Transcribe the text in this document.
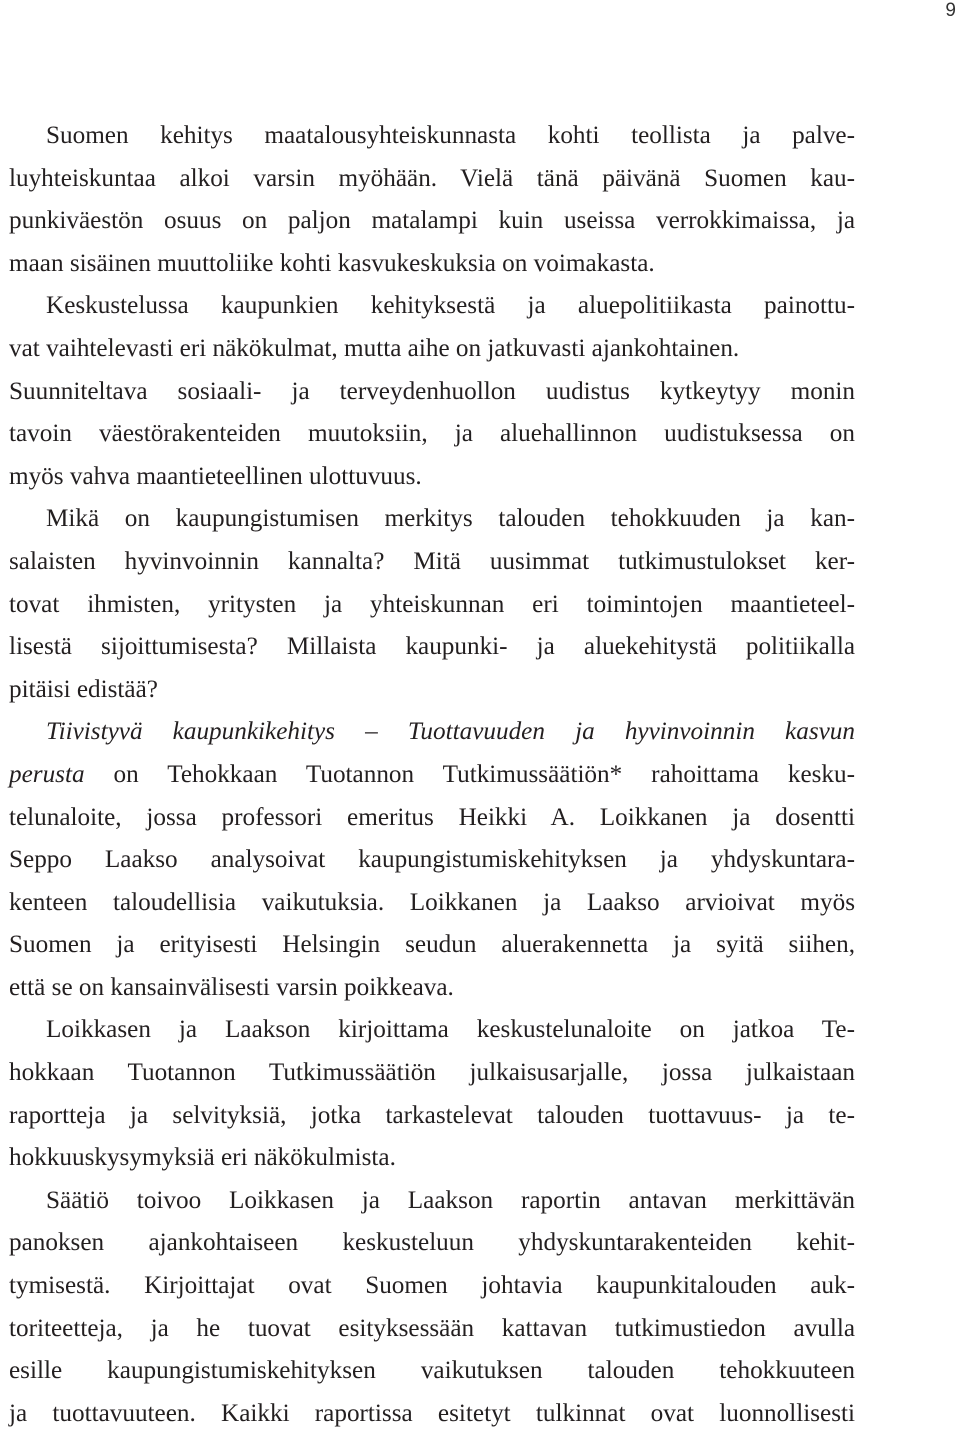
9
Suomen kehitys maatalousyhteiskunnasta kohti teollista ja palve-
luyhteiskuntaa alkoi varsin myöhään. Vielä tänä päivänä Suomen kau-
punkiväestön osuus on paljon matalampi kuin useissa verrokkimaissa, ja
maan sisäinen muuttoliike kohti kasvukeskuksia on voimakasta.
Keskustelussa kaupunkien kehityksestä ja aluepolitiikasta painottu-
vat vaihtelevasti eri näkökulmat, mutta aihe on jatkuvasti ajankohtainen.
Suunniteltava sosiaali- ja terveydenhuollon uudistus kytkeytyy monin
tavoin väestörakenteiden muutoksiin, ja aluehallinnon uudistuksessa on
myös vahva maantieteellinen ulottuvuus.
Mikä on kaupungistumisen merkitys talouden tehokkuuden ja kan-
salaisten hyvinvoinnin kannalta? Mitä uusimmat tutkimustulokset ker-
tovat ihmisten, yritysten ja yhteiskunnan eri toimintojen maantieteel-
lisestä sijoittumisesta? Millaista kaupunki- ja aluekehitystä politiikalla
pitäisi edistää?
Tiivistyvä kaupunkikehitys – Tuottavuuden ja hyvinvoinnin kasvun
perusta on Tehokkaan Tuotannon Tutkimussäätiön* rahoittama kesku-
telunaloite, jossa professori emeritus Heikki A. Loikkanen ja dosentti
Seppo Laakso analysoivat kaupungistumiskehityksen ja yhdyskuntara-
kenteen taloudellisia vaikutuksia. Loikkanen ja Laakso arvioivat myös
Suomen ja erityisesti Helsingin seudun aluerakennetta ja syitä siihen,
että se on kansainvälisesti varsin poikkeava.
Loikkasen ja Laakson kirjoittama keskustelunaloite on jatkoa Te-
hokkaan Tuotannon Tutkimussäätiön julkaisusarjalle, jossa julkaistaan
raportteja ja selvityksiä, jotka tarkastelevat talouden tuottavuus- ja te-
hokkuuskysymyksiä eri näkökulmista.
Säätiö toivoo Loikkasen ja Laakson raportin antavan merkittävän
panoksen ajankohtaiseen keskusteluun yhdyskuntarakenteiden kehit-
tymisestä. Kirjoittajat ovat Suomen johtavia kaupunkitalouden auk-
toriteetteja, ja he tuovat esityksessään kattavan tutkimustiedon avulla
esille kaupungistumiskehityksen vaikutuksen talouden tehokkuuteen
ja tuottavuuteen. Kaikki raportissa esitetyt tulkinnat ovat luonnollisesti
